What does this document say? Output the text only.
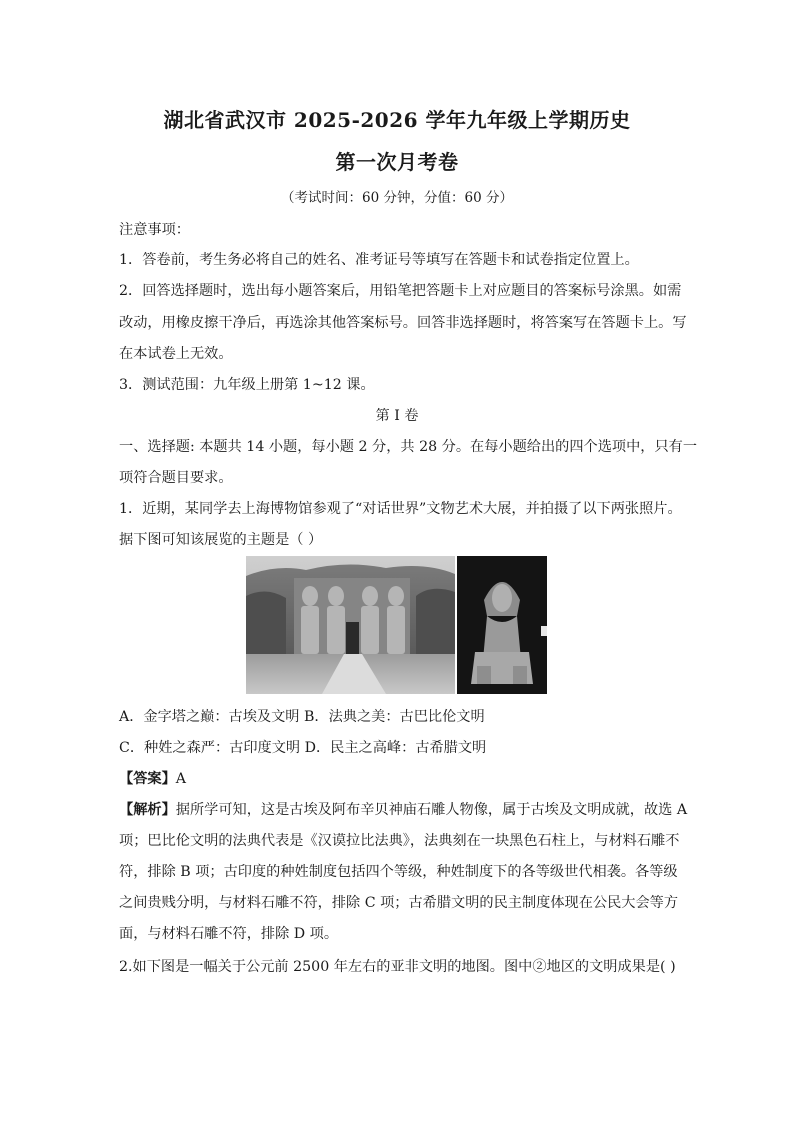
湖北省武汉市 2025-2026 学年九年级上学期历史
第一次月考卷
（考试时间：60 分钟，分值：60 分）
注意事项：
1．答卷前，考生务必将自己的姓名、准考证号等填写在答题卡和试卷指定位置上。
2．回答选择题时，选出每小题答案后，用铅笔把答题卡上对应题目的答案标号涂黑。如需
改动，用橡皮擦干净后，再选涂其他答案标号。回答非选择题时，将答案写在答题卡上。写
在本试卷上无效。
3．测试范围：九年级上册第 1~12 课。
第 I 卷
一、选择题: 本题共 14 小题，每小题 2 分，共 28 分。在每小题给出的四个选项中，只有一
项符合题目要求。
1．近期，某同学去上海博物馆参观了“对话世界”文物艺术大展，并拍摄了以下两张照片。
据下图可知该展览的主题是（ ）
A．金字塔之巅：古埃及文明 B．法典之美：古巴比伦文明
C．种姓之森严：古印度文明 D．民主之高峰：古希腊文明
【答案】A
【解析】据所学可知，这是古埃及阿布辛贝神庙石雕人物像，属于古埃及文明成就，故选 A
项；巴比伦文明的法典代表是《汉谟拉比法典》，法典刻在一块黑色石柱上，与材料石雕不
符，排除 B 项；古印度的种姓制度包括四个等级，种姓制度下的各等级世代相袭。各等级
之间贵贱分明，与材料石雕不符，排除 C 项；古希腊文明的民主制度体现在公民大会等方
面，与材料石雕不符，排除 D 项。
2.如下图是一幅关于公元前 2500 年左右的亚非文明的地图。图中②地区的文明成果是( )
